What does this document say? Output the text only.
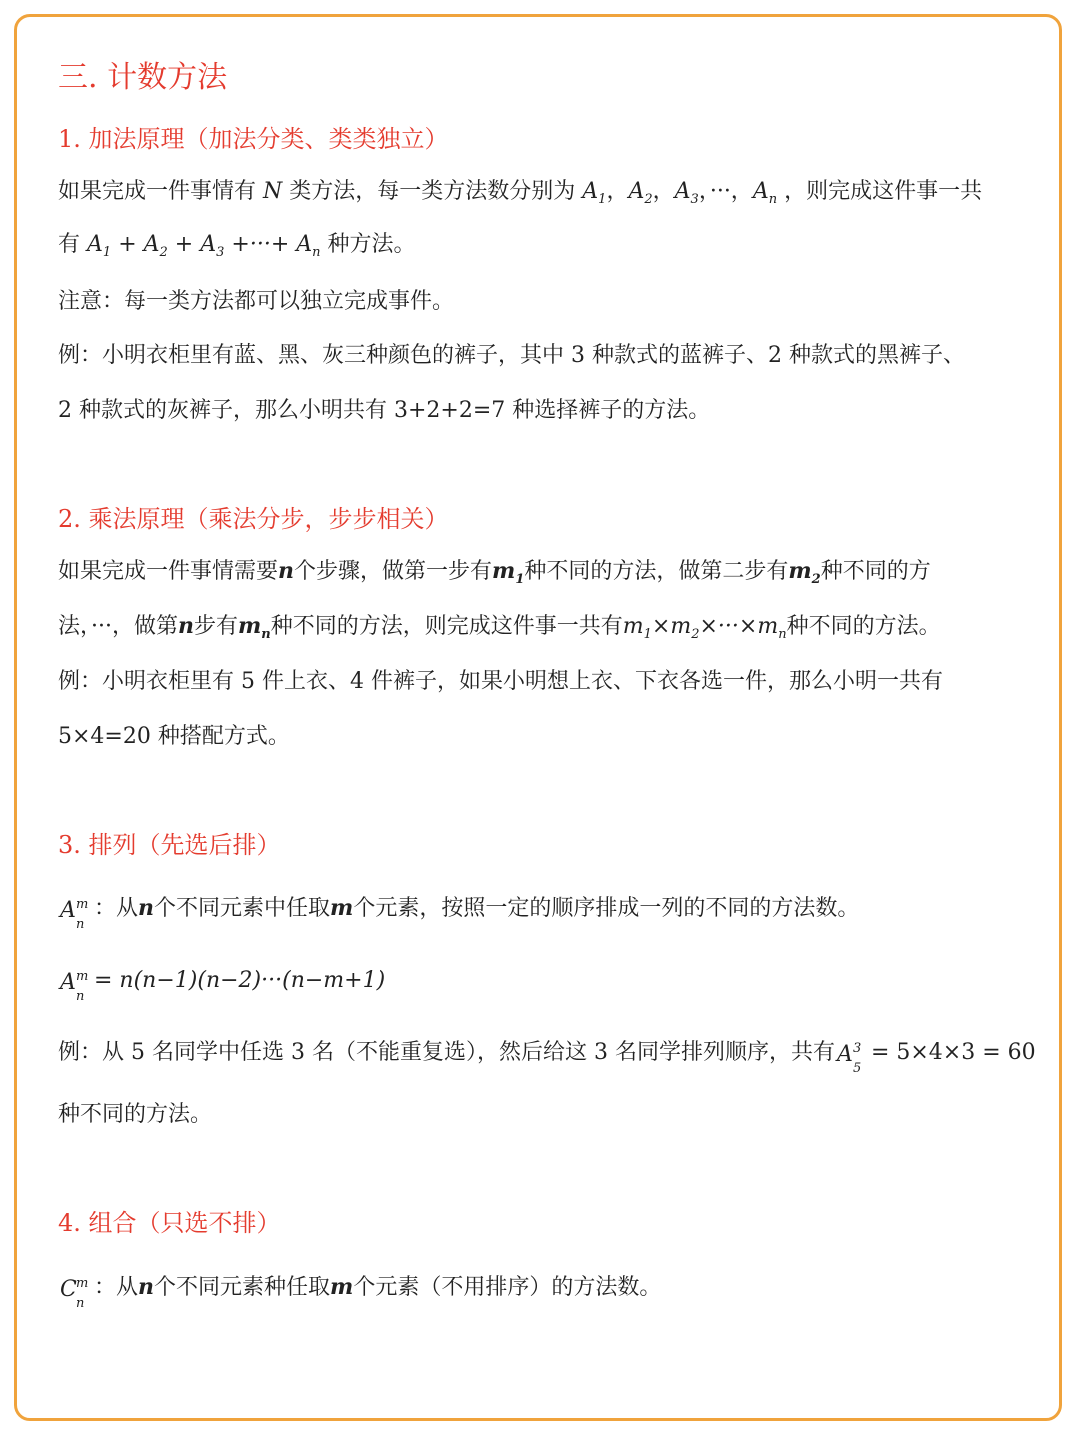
三. 计数方法
1. 加法原理（加法分类、类类独立）
如果完成一件事情有 N 类方法，每一类方法数分别为 $A_1$，$A_2$，$A_3$，···，$A_n$ ，则完成这件事一共
有 $A_1 + A_2 + A_3$ +···+ $A_n$ 种方法。
注意：每一类方法都可以独立完成事件。
例：小明衣柜里有蓝、黑、灰三种颜色的裤子，其中 3 种款式的蓝裤子、2 种款式的黑裤子、
2 种款式的灰裤子，那么小明共有 3+2+2=7 种选择裤子的方法。
2. 乘法原理（乘法分步，步步相关）
如果完成一件事情需要n个步骤，做第一步有$m_1$种不同的方法，做第二步有$m_2$种不同的方
法，···，做第n步有$m_n$种不同的方法，则完成这件事一共有$m_1\times m_2\times\cdot\cdot\cdot\times m_n$种不同的方法。
例：小明衣柜里有 5 件上衣、4 件裤子，如果小明想上衣、下衣各选一件，那么小明一共有
5×4=20 种搭配方式。
3. 排列（先选后排）
A m
n
：从n个不同元素中任取m个元素，按照一定的顺序排成一列的不同的方法数。
A m
n
= n(n−1)(n−2)···(n−m+1)
例：从 5 名同学中任选 3 名（不能重复选），然后给这 3 名同学排列顺序，共有 A 3
5
= 5×4×3 = 60
种不同的方法。
4. 组合（只选不排）
C m
n
：从n个不同元素种任取m个元素（不用排序）的方法数。
